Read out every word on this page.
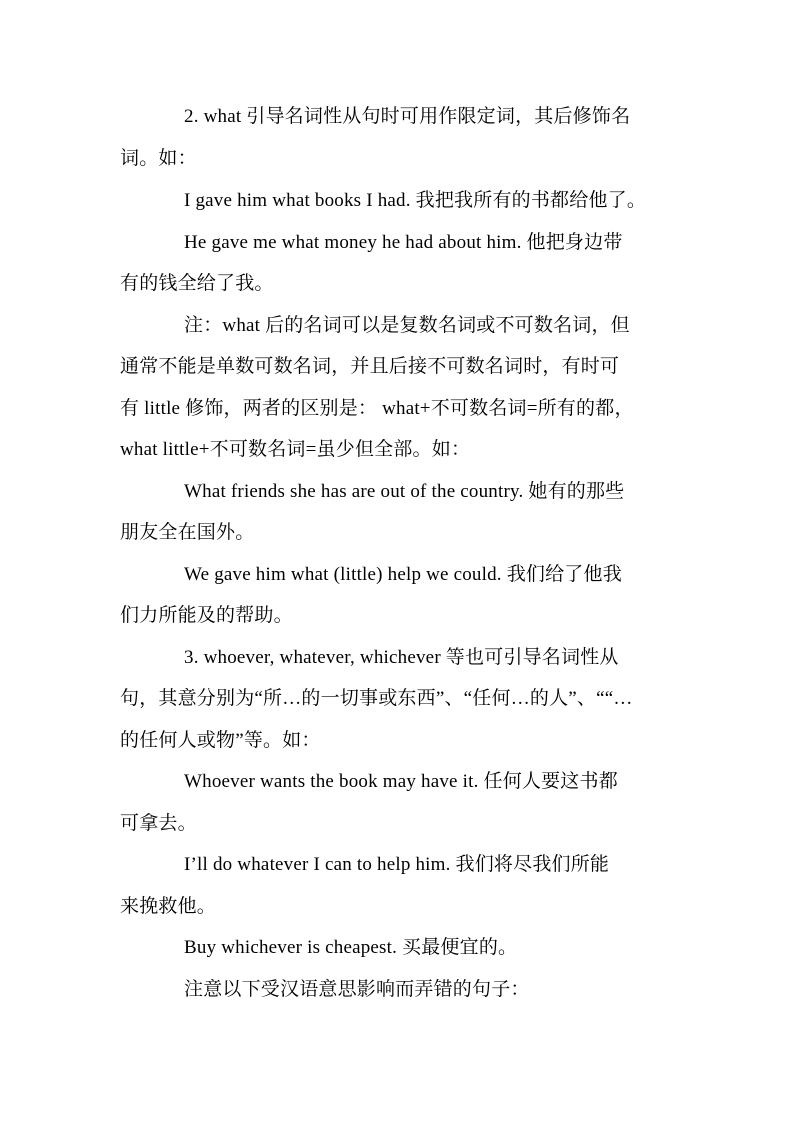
2. what 引导名词性从句时可用作限定词，其后修饰名
词。如：
I gave him what books I had. 我把我所有的书都给他了。
He gave me what money he had about him. 他把身边带
有的钱全给了我。
注：what 后的名词可以是复数名词或不可数名词，但
通常不能是单数可数名词，并且后接不可数名词时，有时可
有 little 修饰，两者的区别是： what+不可数名词=所有的都，
what little+不可数名词=虽少但全部。如：
What friends she has are out of the country. 她有的那些
朋友全在国外。
We gave him what (little) help we could. 我们给了他我
们力所能及的帮助。
3. whoever, whatever, whichever 等也可引导名词性从
句，其意分别为“所…的一切事或东西”、“任何…的人”、““…
的任何人或物”等。如：
Whoever wants the book may have it. 任何人要这书都
可拿去。
I’ll do whatever I can to help him. 我们将尽我们所能
来挽救他。
Buy whichever is cheapest. 买最便宜的。
注意以下受汉语意思影响而弄错的句子：
